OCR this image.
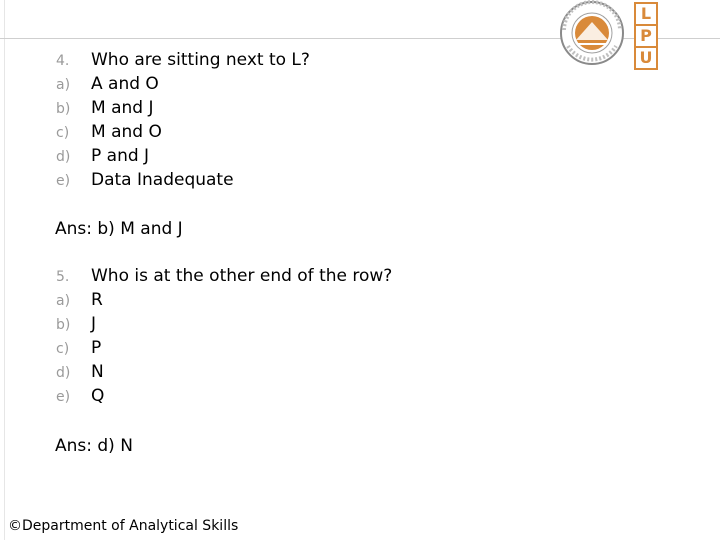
L
P
U
4. Who are sitting next to L?
a) A and O
b) M and J
c) M and O
d) P and J
e) Data Inadequate
Ans: b) M and J
5. Who is at the other end of the row?
a) R
b) J
c) P
d) N
e) Q
Ans: d) N
©Department of Analytical Skills
